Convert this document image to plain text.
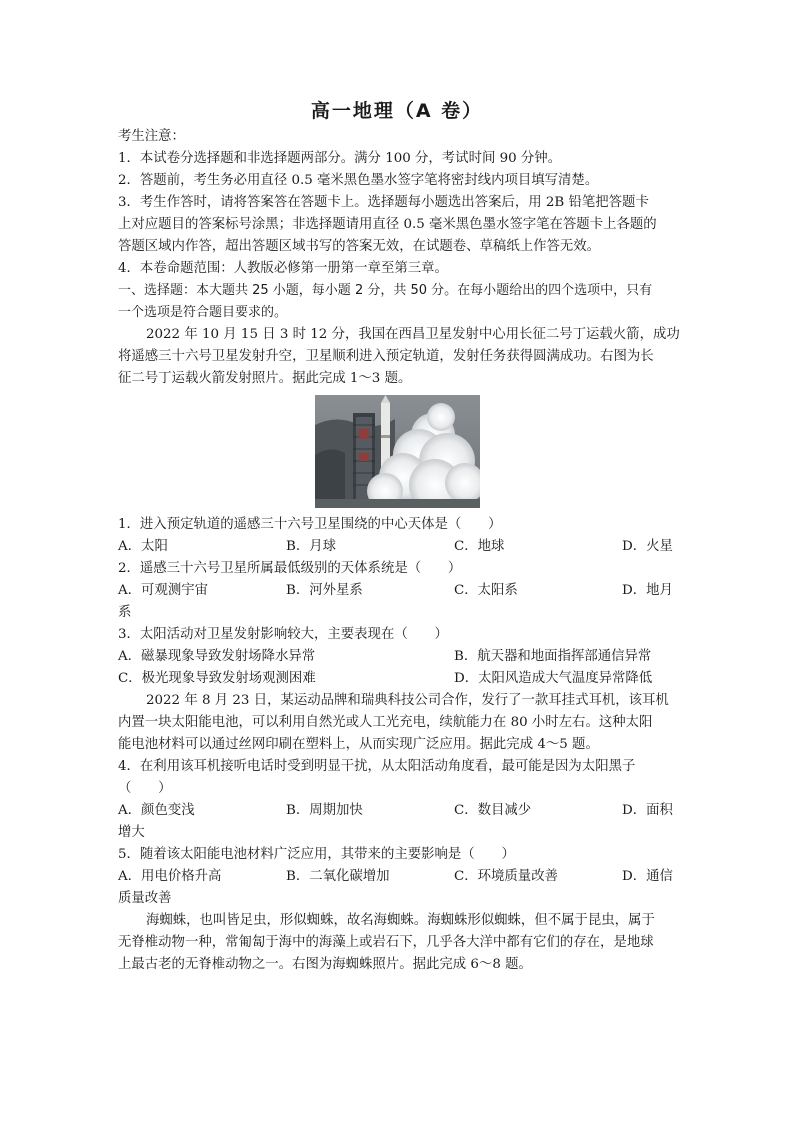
高一地理（A 卷）
考生注意：
1．本试卷分选择题和非选择题两部分。满分 100 分，考试时间 90 分钟。
2．答题前，考生务必用直径 0.5 毫米黑色墨水签字笔将密封线内项目填写清楚。
3．考生作答时，请将答案答在答题卡上。选择题每小题选出答案后，用 2B 铅笔把答题卡
上对应题目的答案标号涂黑；非选择题请用直径 0.5 毫米黑色墨水签字笔在答题卡上各题的
答题区域内作答，超出答题区域书写的答案无效，在试题卷、草稿纸上作答无效。
4．本卷命题范围：人教版必修第一册第一章至第三章。
一、选择题：本大题共 25 小题，每小题 2 分，共 50 分。在每小题给出的四个选项中，只有
一个选项是符合题目要求的。
2022 年 10 月 15 日 3 时 12 分，我国在西昌卫星发射中心用长征二号丁运载火箭，成功
将遥感三十六号卫星发射升空，卫星顺利进入预定轨道，发射任务获得圆满成功。右图为长
征二号丁运载火箭发射照片。据此完成 1～3 题。
1．进入预定轨道的遥感三十六号卫星围绕的中心天体是（　　）
A．太阳	B．月球	C．地球	D．火星
2．遥感三十六号卫星所属最低级别的天体系统是（　　）
A．可观测宇宙	B．河外星系	C．太阳系	D．地月
系
3．太阳活动对卫星发射影响较大，主要表现在（　　）
A．磁暴现象导致发射场降水异常	B．航天器和地面指挥部通信异常
C．极光现象导致发射场观测困难	D．太阳风造成大气温度异常降低
2022 年 8 月 23 日，某运动品牌和瑞典科技公司合作，发行了一款耳挂式耳机，该耳机
内置一块太阳能电池，可以利用自然光或人工光充电，续航能力在 80 小时左右。这种太阳
能电池材料可以通过丝网印刷在塑料上，从而实现广泛应用。据此完成 4～5 题。
4．在利用该耳机接听电话时受到明显干扰，从太阳活动角度看，最可能是因为太阳黑子
（　　）
A．颜色变浅	B．周期加快	C．数目减少	D．面积
增大
5．随着该太阳能电池材料广泛应用，其带来的主要影响是（　　）
A．用电价格升高	B．二氧化碳增加	C．环境质量改善	D．通信
质量改善
海蜘蛛，也叫皆足虫，形似蜘蛛，故名海蜘蛛。海蜘蛛形似蜘蛛，但不属于昆虫，属于
无脊椎动物一种，常匍匐于海中的海藻上或岩石下，几乎各大洋中都有它们的存在，是地球
上最古老的无脊椎动物之一。右图为海蜘蛛照片。据此完成 6～8 题。
